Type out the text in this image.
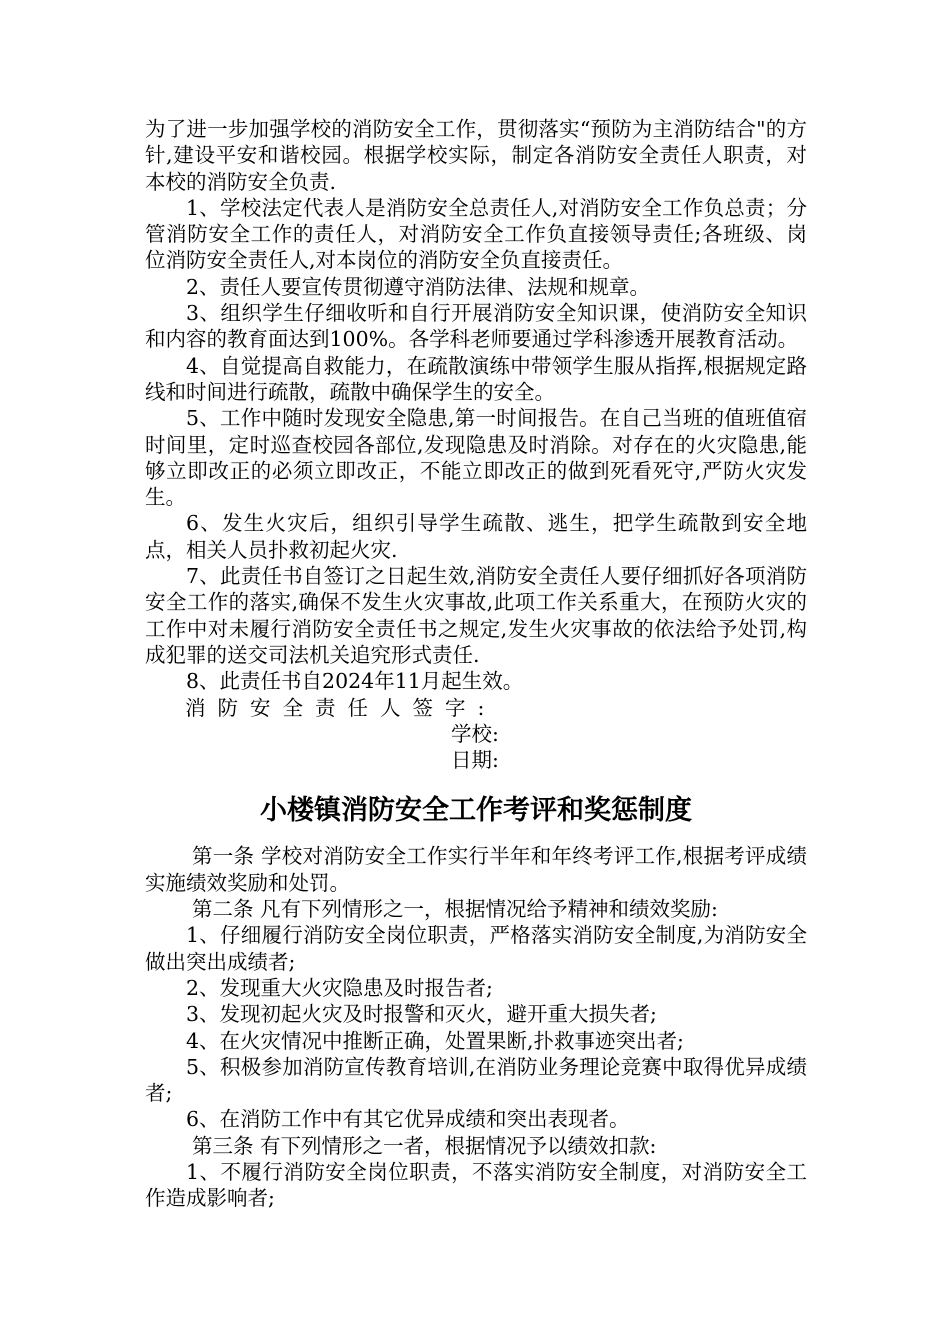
为了进一步加强学校的消防安全工作，贯彻落实“预防为主消防结合"的方针,建设平安和谐校园。根据学校实际，制定各消防安全责任人职责，对本校的消防安全负责.

1、学校法定代表人是消防安全总责任人,对消防安全工作负总责；分管消防安全工作的责任人，对消防安全工作负直接领导责任;各班级、岗位消防安全责任人,对本岗位的消防安全负直接责任。

2、责任人要宣传贯彻遵守消防法律、法规和规章。

3、组织学生仔细收听和自行开展消防安全知识课，使消防安全知识和内容的教育面达到100%。各学科老师要通过学科渗透开展教育活动。

4、自觉提高自救能力，在疏散演练中带领学生服从指挥,根据规定路线和时间进行疏散，疏散中确保学生的安全。

5、工作中随时发现安全隐患,第一时间报告。在自己当班的值班值宿时间里，定时巡查校园各部位,发现隐患及时消除。对存在的火灾隐患,能够立即改正的必须立即改正，不能立即改正的做到死看死守,严防火灾发生。

6、发生火灾后，组织引导学生疏散、逃生，把学生疏散到安全地点，相关人员扑救初起火灾.

7、此责任书自签订之日起生效,消防安全责任人要仔细抓好各项消防安全工作的落实,确保不发生火灾事故,此项工作关系重大，在预防火灾的工作中对未履行消防安全责任书之规定,发生火灾事故的依法给予处罚,构成犯罪的送交司法机关追究形式责任.

8、此责任书自2024年11月起生效。

消防安全责任人签字:

学校:

日期:

小楼镇消防安全工作考评和奖惩制度

第一条 学校对消防安全工作实行半年和年终考评工作,根据考评成绩实施绩效奖励和处罚。

第二条 凡有下列情形之一，根据情况给予精神和绩效奖励:

1、仔细履行消防安全岗位职责，严格落实消防安全制度,为消防安全做出突出成绩者;

2、发现重大火灾隐患及时报告者;

3、发现初起火灾及时报警和灭火，避开重大损失者;

4、在火灾情况中推断正确，处置果断,扑救事迹突出者;

5、积极参加消防宣传教育培训,在消防业务理论竞赛中取得优异成绩者;

6、在消防工作中有其它优异成绩和突出表现者。

第三条 有下列情形之一者，根据情况予以绩效扣款:

1、不履行消防安全岗位职责，不落实消防安全制度，对消防安全工作造成影响者;
